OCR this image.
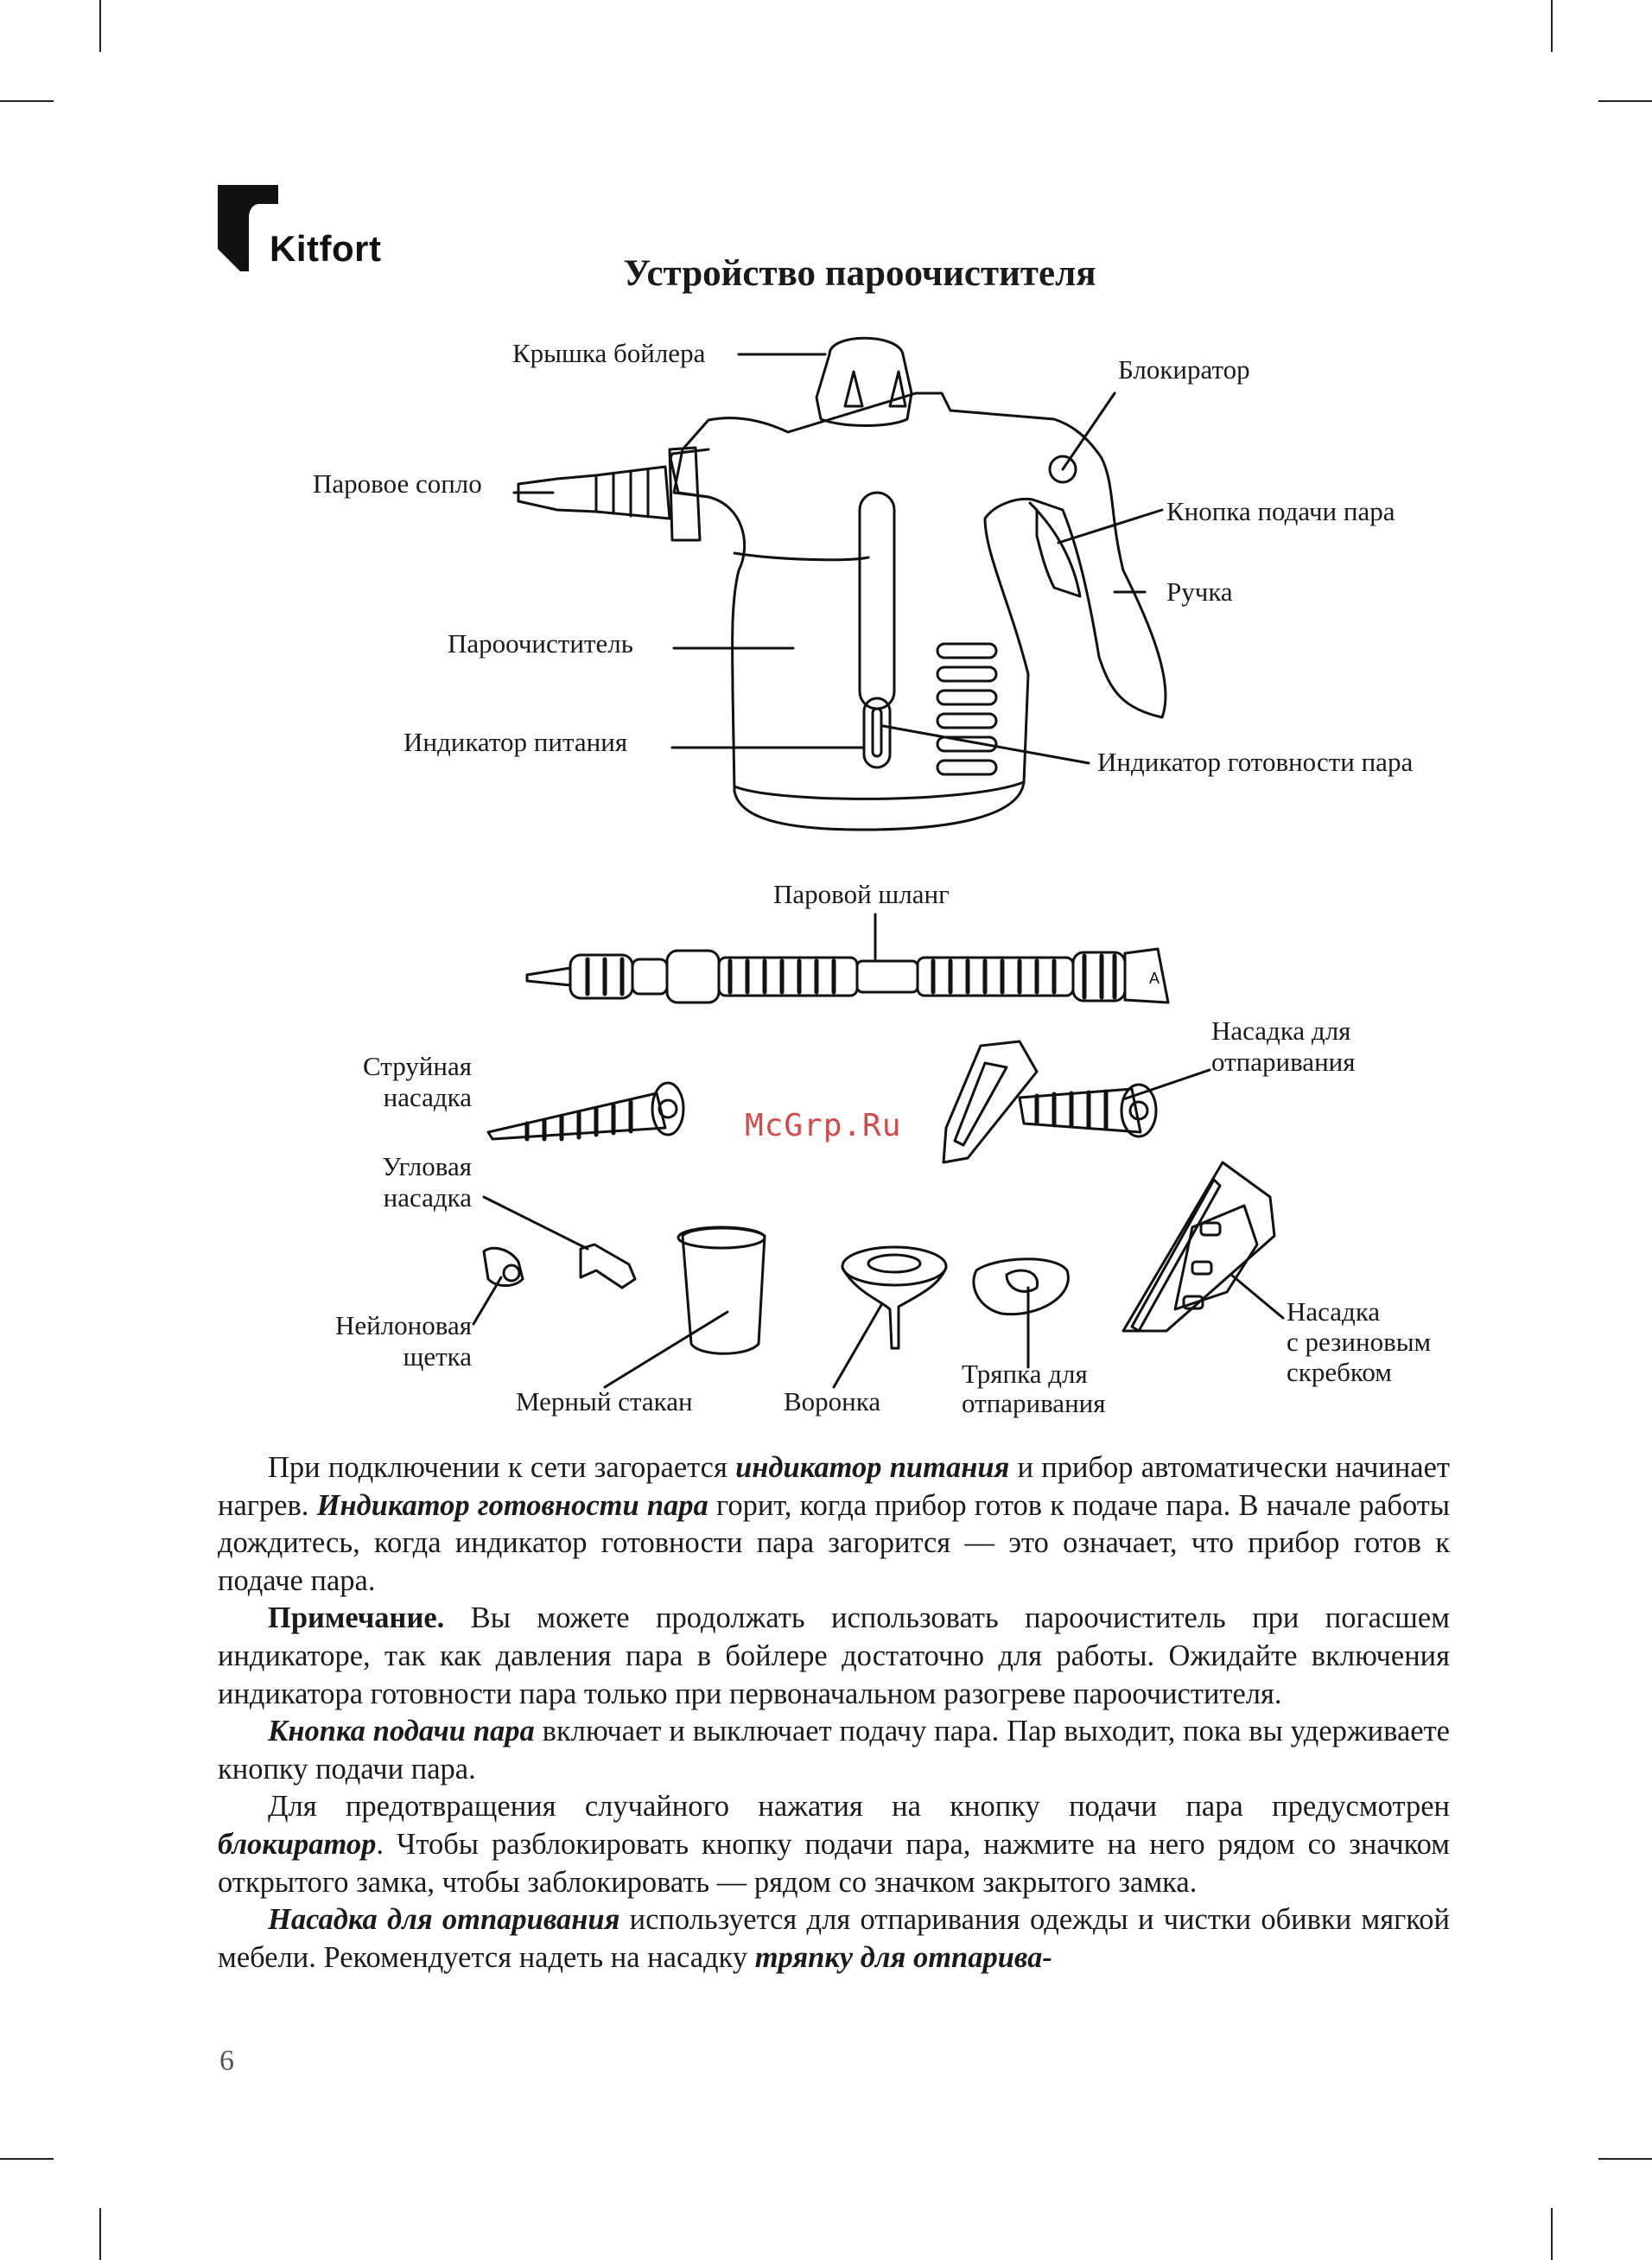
Kitfort
Устройство пароочистителя
A
Крышка бойлера
Блокиратор
Паровое сопло
Кнопка подачи пара
Ручка
Пароочиститель
Индикатор питания
Индикатор готовности пара
Паровой шланг
Струйная
насадка
Угловая
насадка
Нейлоновая
щетка
Мерный стакан	Воронка
Тряпка для
отпаривания
Насадка для
отпаривания
Насадка
с резиновым
скребком
McGrp.Ru

При подключении к сети загорается индикатор питания и прибор автоматически начинает нагрев. Индикатор готовности пара горит, когда прибор готов к подаче пара. В начале работы дождитесь, когда индикатор готовности пара загорится — это означает, что прибор готов к подаче пара.

Примечание. Вы можете продолжать использовать пароочиститель при погасшем индикаторе, так как давления пара в бойлере достаточно для работы. Ожидайте включения индикатора готовности пара только при первоначальном разогреве пароочистителя.

Кнопка подачи пара включает и выключает подачу пара. Пар выходит, пока вы удерживаете кнопку подачи пара.

Для предотвращения случайного нажатия на кнопку подачи пара предусмотрен блокиратор. Чтобы разблокировать кнопку подачи пара, нажмите на него рядом со значком открытого замка, чтобы заблокировать — рядом со значком закрытого замка.

Насадка для отпаривания используется для отпаривания одежды и чистки обивки мягкой мебели. Рекомендуется надеть на насадку тряпку для отпарива-

6
